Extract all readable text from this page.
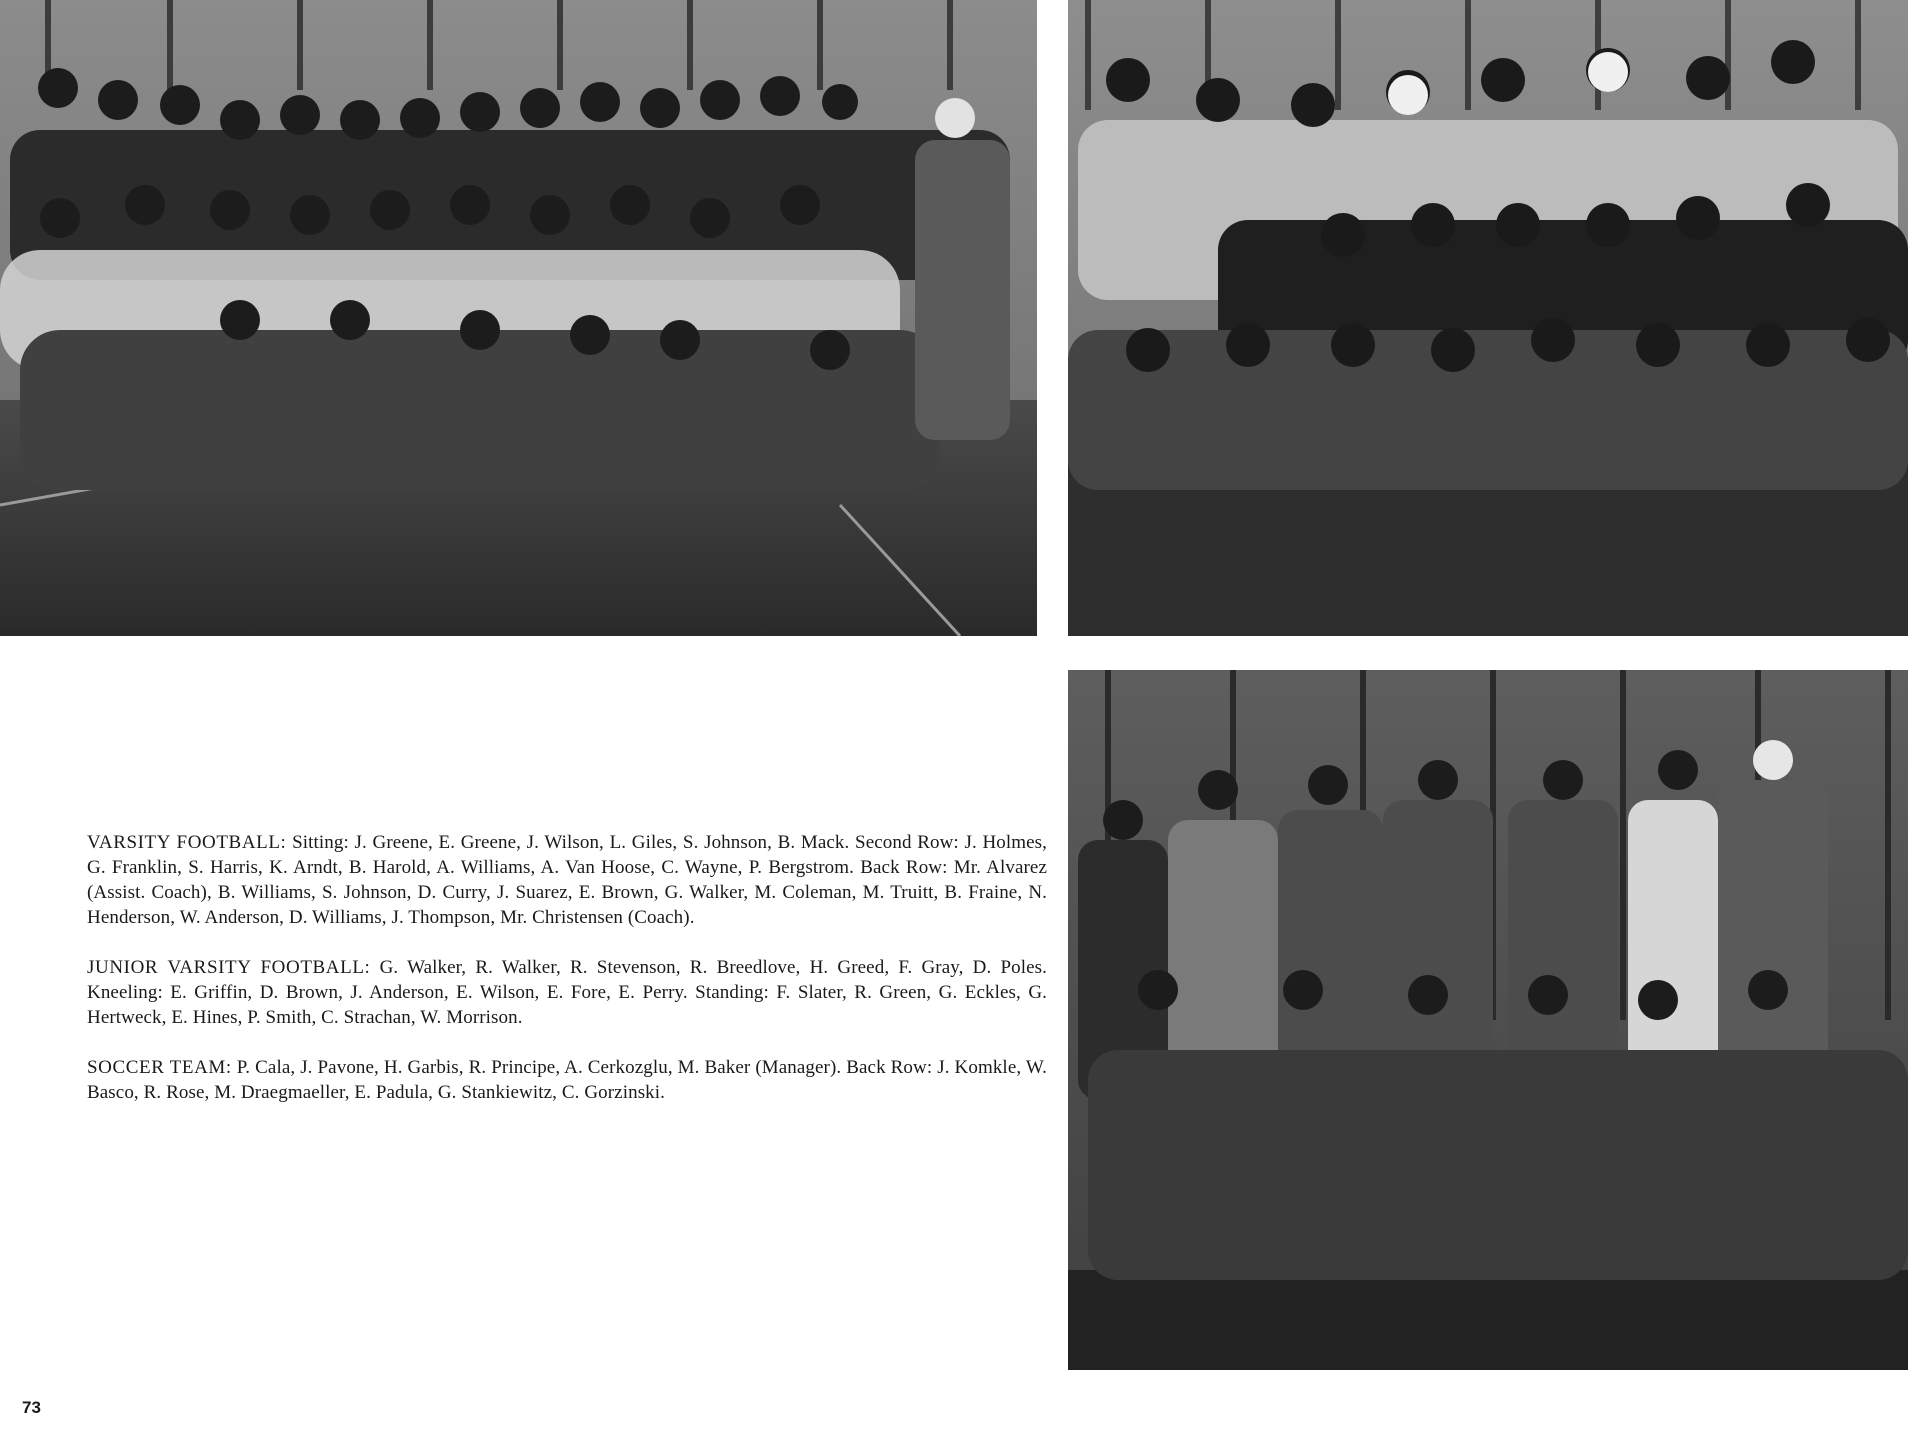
VARSITY FOOTBALL: Sitting: J. Greene, E. Greene, J. Wilson, L. Giles, S. Johnson, B. Mack. Second Row: J. Holmes, G. Franklin, S. Harris, K. Arndt, B. Harold, A. Williams, A. Van Hoose, C. Wayne, P. Bergstrom. Back Row: Mr. Alvarez (Assist. Coach), B. Williams, S. Johnson, D. Curry, J. Suarez, E. Brown, G. Walker, M. Coleman, M. Truitt, B. Fraine, N. Henderson, W. Anderson, D. Williams, J. Thompson, Mr. Christensen (Coach).

JUNIOR VARSITY FOOTBALL: G. Walker, R. Walker, R. Stevenson, R. Breedlove, H. Greed, F. Gray, D. Poles. Kneeling: E. Griffin, D. Brown, J. Anderson, E. Wilson, E. Fore, E. Perry. Standing: F. Slater, R. Green, G. Eckles, G. Hertweck, E. Hines, P. Smith, C. Strachan, W. Morrison.

SOCCER TEAM: P. Cala, J. Pavone, H. Garbis, R. Principe, A. Cerkozglu, M. Baker (Manager). Back Row: J. Komkle, W. Basco, R. Rose, M. Draegmaeller, E. Padula, G. Stankiewitz, C. Gorzinski.

73
